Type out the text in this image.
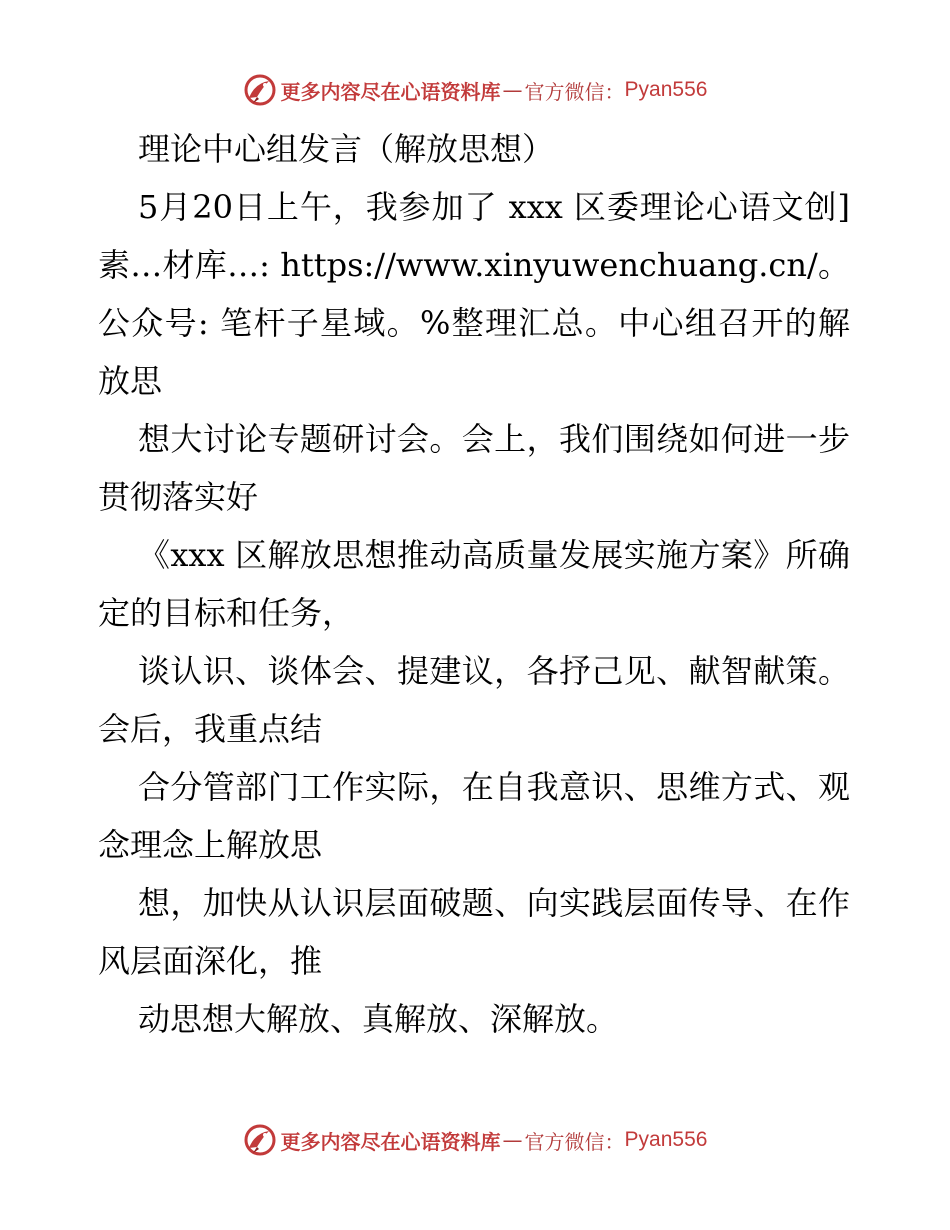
更多内容尽在心语资料库 — 官方微信： Pyan556

理论中心组发言（解放思想）

5月20日上午，我参加了 xxx 区委理论心语文创]素…材库…: https://www.xinyuwenchuang.cn/。公众号: 笔杆子星域。%整理汇总。中心组召开的解放思

想大讨论专题研讨会。会上，我们围绕如何进一步贯彻落实好

《xxx 区解放思想推动高质量发展实施方案》所确定的目标和任务，

谈认识、谈体会、提建议，各抒己见、献智献策。会后，我重点结

合分管部门工作实际，在自我意识、思维方式、观念理念上解放思

想，加快从认识层面破题、向实践层面传导、在作风层面深化，推

动思想大解放、真解放、深解放。

更多内容尽在心语资料库 — 官方微信： Pyan556
